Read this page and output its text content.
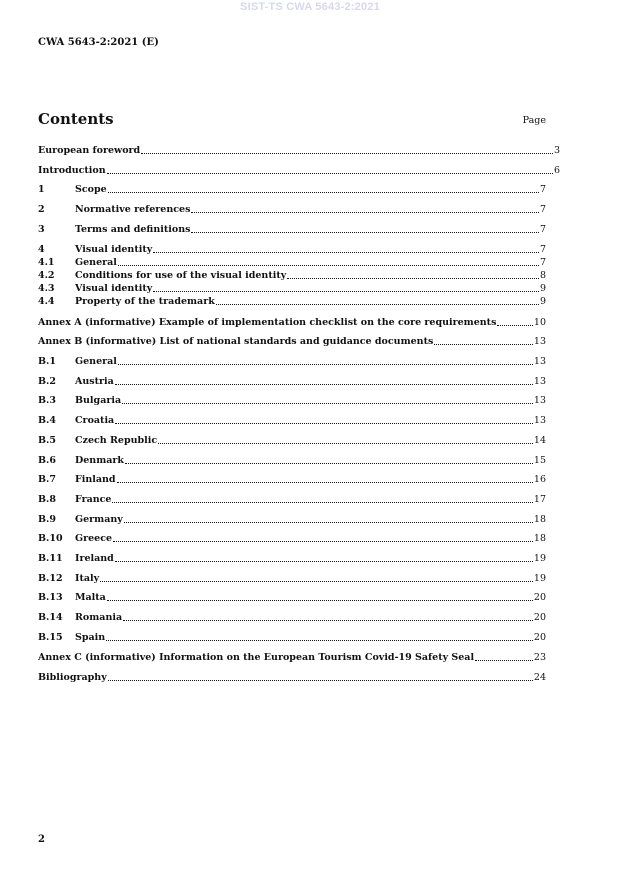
SIST-TS CWA 5643-2:2021
CWA 5643-2:2021 (E)
Contents	Page
European foreword	3
Introduction	6
1	Scope	7
2	Normative references	7
3	Terms and definitions	7
4	Visual identity	7
4.1	General	7
4.2	Conditions for use of the visual identity	8
4.3	Visual identity	9
4.4	Property of the trademark	9
Annex A (informative) Example of implementation checklist on the core requirements	10
Annex B (informative) List of national standards and guidance documents	13
B.1	General	13
B.2	Austria	13
B.3	Bulgaria	13
B.4	Croatia	13
B.5	Czech Republic	14
B.6	Denmark	15
B.7	Finland	16
B.8	France	17
B.9	Germany	18
B.10	Greece	18
B.11	Ireland	19
B.12	Italy	19
B.13	Malta	20
B.14	Romania	20
B.15	Spain	20
Annex C (informative) Information on the European Tourism Covid-19 Safety Seal	23
Bibliography	24
2
